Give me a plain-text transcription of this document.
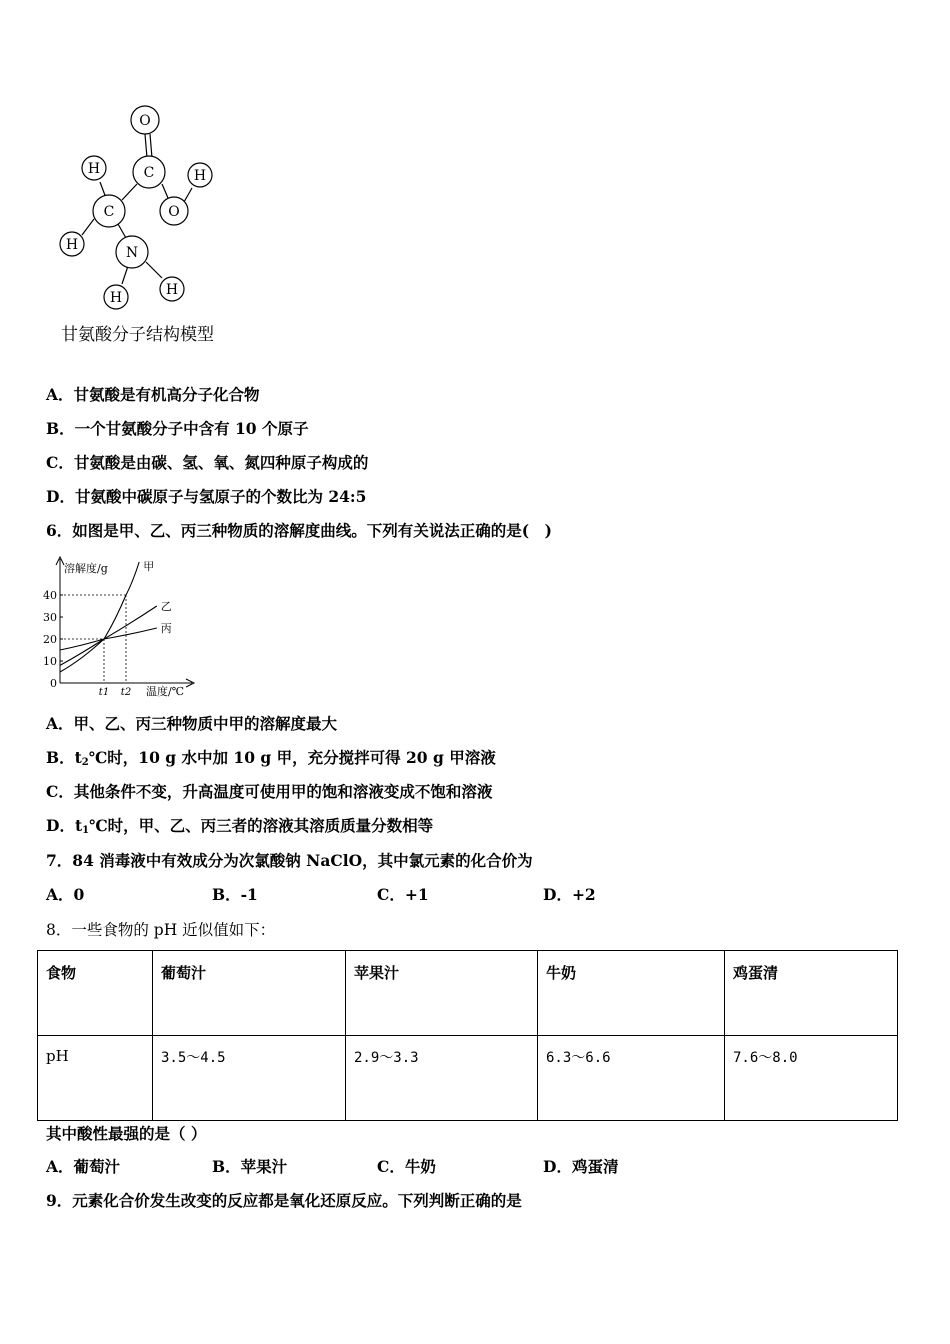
O
C
O
H
C
H
H	N
H	H
甘氨酸分子结构模型
A．甘氨酸是有机高分子化合物
B．一个甘氨酸分子中含有 10 个原子
C．甘氨酸是由碳、氢、氧、氮四种原子构成的
D．甘氨酸中碳原子与氢原子的个数比为 24:5
6．如图是甲、乙、丙三种物质的溶解度曲线。下列有关说法正确的是(　)
溶解度/g
温度/℃
40
30
20
10
0
t1 t2
甲
乙
丙
A．甲、乙、丙三种物质中甲的溶解度最大
B．$t_2℃$时，10 g 水中加 10 g 甲，充分搅拌可得 20 g 甲溶液
C．其他条件不变，升高温度可使用甲的饱和溶液变成不饱和溶液
D．$t_1℃$时，甲、乙、丙三者的溶液其溶质质量分数相等
7．84 消毒液中有效成分为次氯酸钠 NaClO，其中氯元素的化合价为
A．0	B．-1	C．+1	D．+2
8．一些食物的 pH 近似值如下：
食物	葡萄汁	苹果汁	牛奶	鸡蛋清
pH	3.5～4.5	2.9～3.3	6.3～6.6	7.6～8.0
其中酸性最强的是（ ）
A．葡萄汁	B．苹果汁	C．牛奶	D．鸡蛋清
9．元素化合价发生改变的反应都是氧化还原反应。下列判断正确的是
